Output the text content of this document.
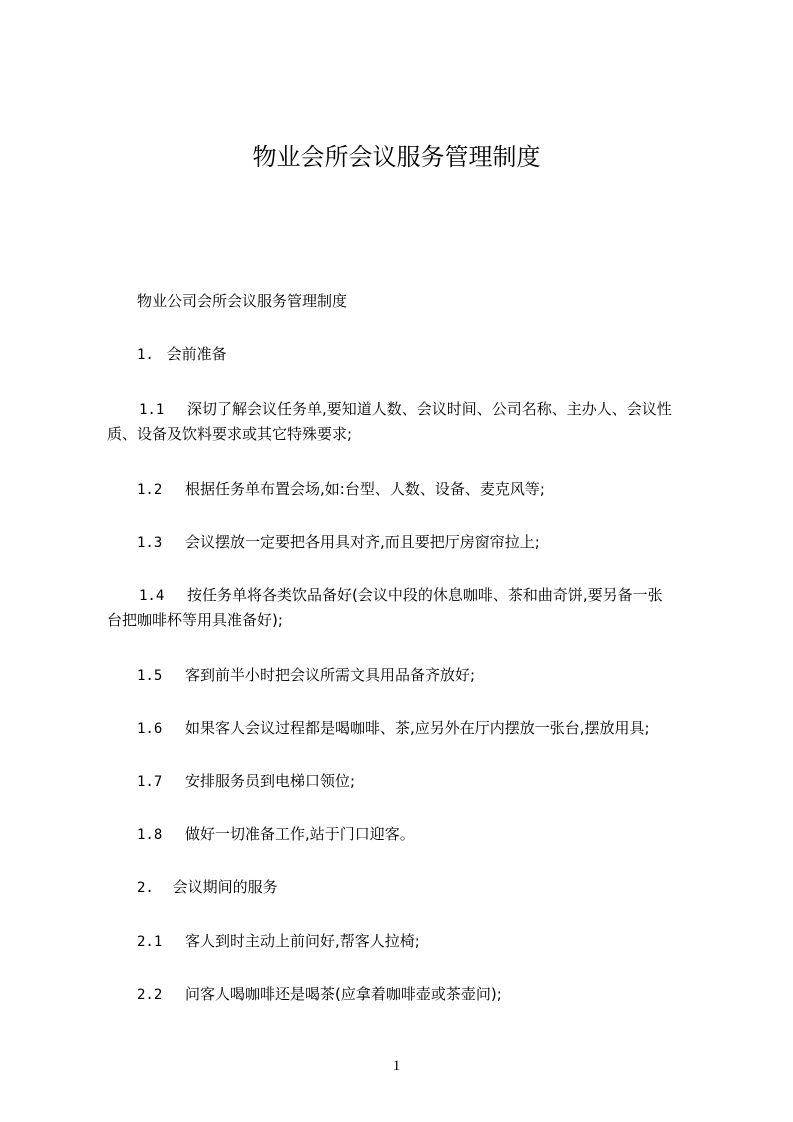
物业会所会议服务管理制度
物业公司会所会议服务管理制度
1. 会前准备
1.1 深切了解会议任务单,要知道人数、会议时间、公司名称、主办人、会议性
质、设备及饮料要求或其它特殊要求;
1.2 根据任务单布置会场,如:台型、人数、设备、麦克风等;
1.3 会议摆放一定要把各用具对齐,而且要把厅房窗帘拉上;
1.4 按任务单将各类饮品备好(会议中段的休息咖啡、茶和曲奇饼,要另备一张
台把咖啡杯等用具准备好);
1.5 客到前半小时把会议所需文具用品备齐放好;
1.6 如果客人会议过程都是喝咖啡、茶,应另外在厅内摆放一张台,摆放用具;
1.7 安排服务员到电梯口领位;
1.8 做好一切准备工作,站于门口迎客。
2. 会议期间的服务
2.1 客人到时主动上前问好,帮客人拉椅;
2.2 问客人喝咖啡还是喝茶(应拿着咖啡壶或茶壶问);
1
